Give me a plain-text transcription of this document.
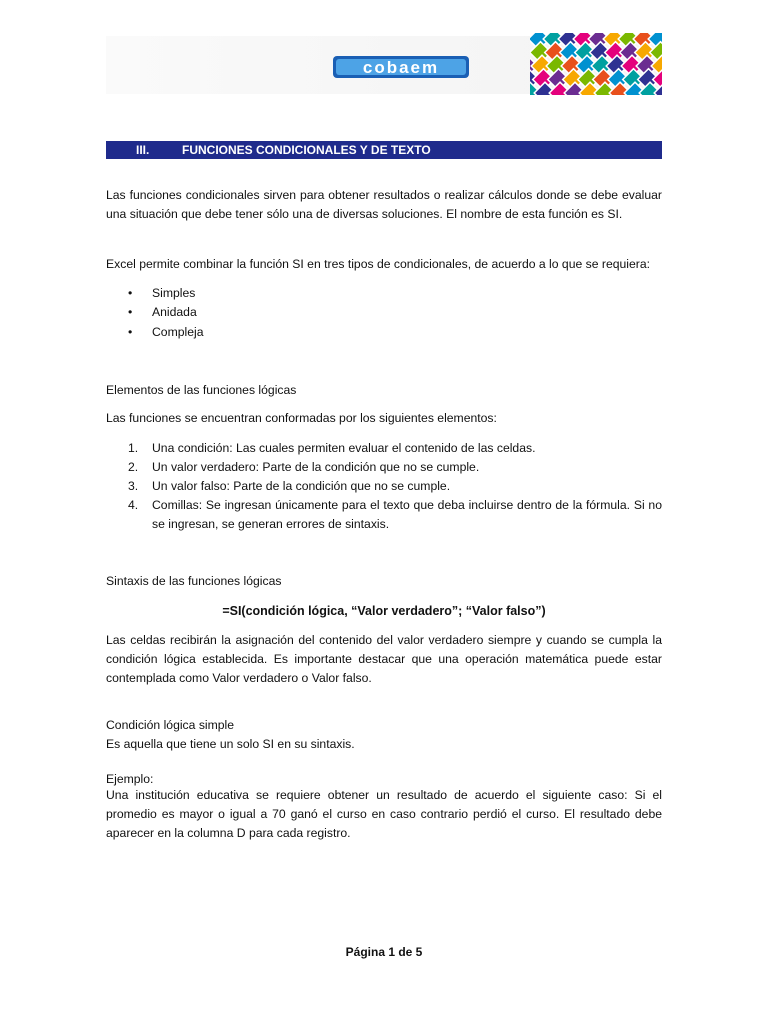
cobaem
III.	FUNCIONES CONDICIONALES Y DE TEXTO
Las funciones condicionales sirven para obtener resultados o realizar cálculos donde se debe evaluar una situación que debe tener sólo una de diversas soluciones. El nombre de esta función es SI.
Excel permite combinar la función SI en tres tipos de condicionales, de acuerdo a lo que se requiera:
• Simples
• Anidada
• Compleja
Elementos de las funciones lógicas
Las funciones se encuentran conformadas por los siguientes elementos:
1. Una condición: Las cuales permiten evaluar el contenido de las celdas.
2. Un valor verdadero: Parte de la condición que no se cumple.
3. Un valor falso: Parte de la condición que no se cumple.
4. Comillas: Se ingresan únicamente para el texto que deba incluirse dentro de la fórmula. Si no se ingresan, se generan errores de sintaxis.
Sintaxis de las funciones lógicas
=SI(condición lógica, “Valor verdadero”; “Valor falso”)
Las celdas recibirán la asignación del contenido del valor verdadero siempre y cuando se cumpla la condición lógica establecida. Es importante destacar que una operación matemática puede estar contemplada como Valor verdadero o Valor falso.
Condición lógica simple
Es aquella que tiene un solo SI en su sintaxis.
Ejemplo:
Una institución educativa se requiere obtener un resultado de acuerdo el siguiente caso: Si el promedio es mayor o igual a 70 ganó el curso en caso contrario perdió el curso. El resultado debe aparecer en la columna D para cada registro.
Página 1 de 5
